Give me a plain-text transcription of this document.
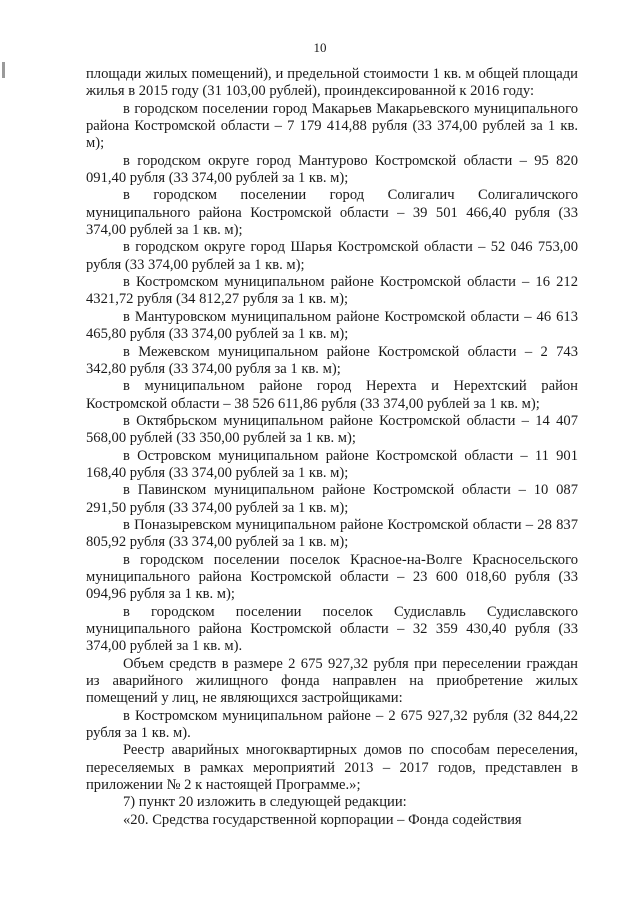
10

площади жилых помещений), и предельной стоимости 1 кв. м общей площади жилья в 2015 году (31 103,00 рублей), проиндексированной к 2016 году:

в городском поселении город Макарьев Макарьевского муниципального района Костромской области – 7 179 414,88 рубля (33 374,00 рублей за 1 кв. м);

в городском округе город Мантурово Костромской области – 95 820 091,40 рубля (33 374,00 рублей за 1 кв. м);

в городском поселении город Солигалич Солигаличского муниципального района Костромской области – 39 501 466,40 рубля (33 374,00 рублей за 1 кв. м);

в городском округе город Шарья Костромской области – 52 046 753,00 рубля (33 374,00 рублей за 1 кв. м);

в Костромском муниципальном районе Костромской области – 16 212 4321,72 рубля (34 812,27 рубля за 1 кв. м);

в Мантуровском муниципальном районе Костромской области – 46 613 465,80 рубля (33 374,00 рублей за 1 кв. м);

в Межевском муниципальном районе Костромской области – 2 743 342,80 рубля (33 374,00 рубля за 1 кв. м);

в муниципальном районе город Нерехта и Нерехтский район Костромской области – 38 526 611,86 рубля (33 374,00 рублей за 1 кв. м);

в Октябрьском муниципальном районе Костромской области – 14 407 568,00 рублей (33 350,00 рублей за 1 кв. м);

в Островском муниципальном районе Костромской области – 11 901 168,40 рубля (33 374,00 рублей за 1 кв. м);

в Павинском муниципальном районе Костромской области – 10 087 291,50 рубля (33 374,00 рублей за 1 кв. м);

в Поназыревском муниципальном районе Костромской области – 28 837 805,92 рубля (33 374,00 рублей за 1 кв. м);

в городском поселении поселок Красное-на-Волге Красносельского муниципального района Костромской области – 23 600 018,60 рубля (33 094,96 рубля за 1 кв. м);

в городском поселении поселок Судиславль Судиславского муниципального района Костромской области – 32 359 430,40 рубля (33 374,00 рублей за 1 кв. м).

Объем средств в размере 2 675 927,32 рубля при переселении граждан из аварийного жилищного фонда направлен на приобретение жилых помещений у лиц, не являющихся застройщиками:

в Костромском муниципальном районе – 2 675 927,32 рубля (32 844,22 рубля за 1 кв. м).

Реестр аварийных многоквартирных домов по способам переселения, переселяемых в рамках мероприятий 2013 – 2017 годов, представлен в приложении № 2 к настоящей Программе.»;

7) пункт 20 изложить в следующей редакции:

«20. Средства государственной корпорации – Фонда содействия
